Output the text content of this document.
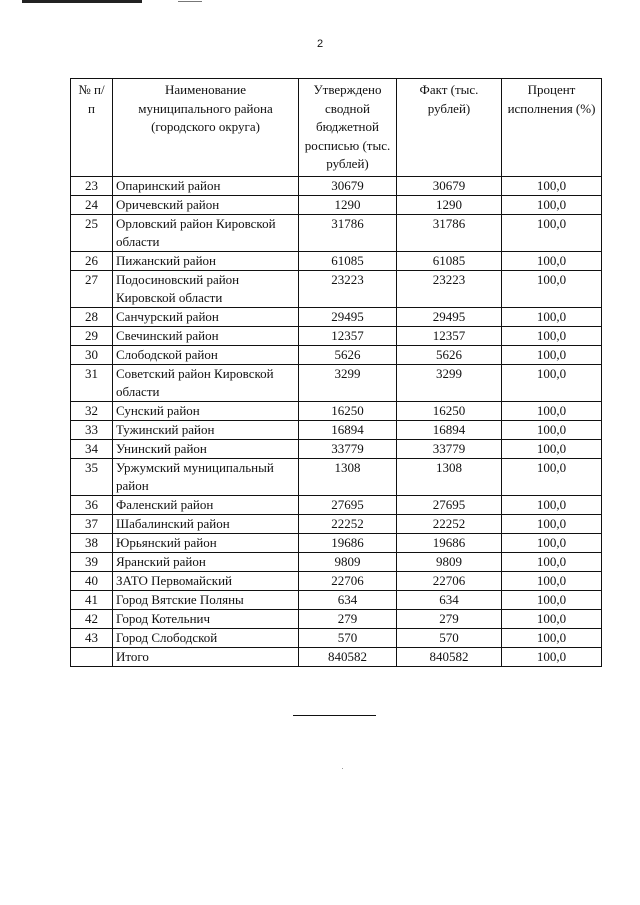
2
№ п/п	Наименование муниципального района (городского округа)	Утверждено сводной бюджетной росписью (тыс. рублей)	Факт (тыс. рублей)	Процент исполнения (%)
23	Опаринский район	30679	30679	100,0
24	Оричевский район	1290	1290	100,0
25	Орловский район Кировской области	31786	31786	100,0
26	Пижанский район	61085	61085	100,0
27	Подосиновский район Кировской области	23223	23223	100,0
28	Санчурский район	29495	29495	100,0
29	Свечинский район	12357	12357	100,0
30	Слободской район	5626	5626	100,0
31	Советский район Кировской области	3299	3299	100,0
32	Сунский район	16250	16250	100,0
33	Тужинский район	16894	16894	100,0
34	Унинский район	33779	33779	100,0
35	Уржумский муниципальный район	1308	1308	100,0
36	Фаленский район	27695	27695	100,0
37	Шабалинский район	22252	22252	100,0
38	Юрьянский район	19686	19686	100,0
39	Яранский район	9809	9809	100,0
40	ЗАТО Первомайский	22706	22706	100,0
41	Город Вятские Поляны	634	634	100,0
42	Город Котельнич	279	279	100,0
43	Город Слободской	570	570	100,0
	Итого	840582	840582	100,0
